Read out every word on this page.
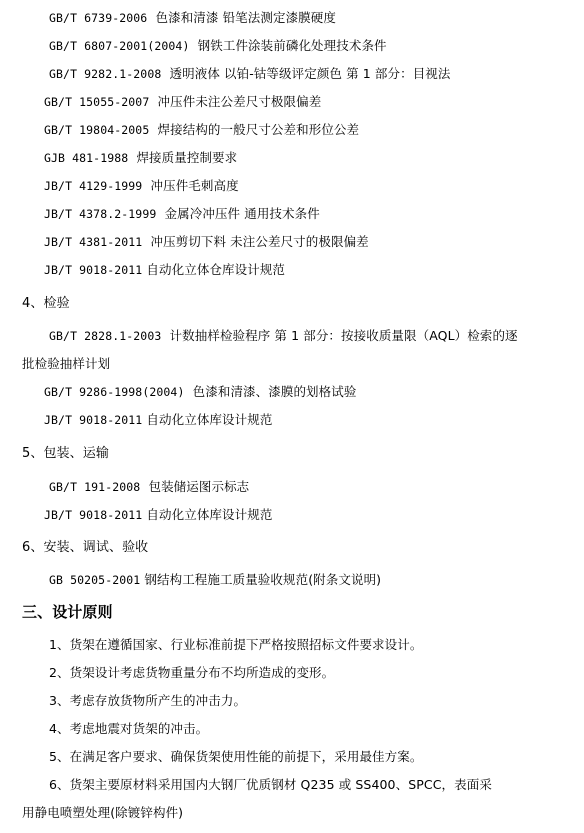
GB/T 6739-2006 色漆和清漆 铅笔法测定漆膜硬度
GB/T 6807-2001(2004) 钢铁工件涂装前磷化处理技术条件
GB/T 9282.1-2008 透明液体 以铂-钴等级评定颜色 第 1 部分：目视法
GB/T 15055-2007 冲压件未注公差尺寸极限偏差
GB/T 19804-2005 焊接结构的一般尺寸公差和形位公差
GJB 481-1988 焊接质量控制要求
JB/T 4129-1999 冲压件毛刺高度
JB/T 4378.2-1999 金属冷冲压件 通用技术条件
JB/T 4381-2011 冲压剪切下料 未注公差尺寸的极限偏差
JB/T 9018-2011 自动化立体仓库设计规范
4、检验
GB/T 2828.1-2003 计数抽样检验程序 第 1 部分：按接收质量限（AQL）检索的逐
批检验抽样计划
GB/T 9286-1998(2004) 色漆和清漆、漆膜的划格试验
JB/T 9018-2011 自动化立体库设计规范
5、包装、运输
GB/T 191-2008 包装储运图示标志
JB/T 9018-2011 自动化立体库设计规范
6、安装、调试、验收
GB 50205-2001 钢结构工程施工质量验收规范(附条文说明)
三、设计原则
1、货架在遵循国家、行业标准前提下严格按照招标文件要求设计。
2、货架设计考虑货物重量分布不均所造成的变形。
3、考虑存放货物所产生的冲击力。
4、考虑地震对货架的冲击。
5、在满足客户要求、确保货架使用性能的前提下，采用最佳方案。
6、货架主要原材料采用国内大钢厂优质钢材 Q235 或 SS400、SPCC，表面采
用静电喷塑处理(除镀锌构件)
